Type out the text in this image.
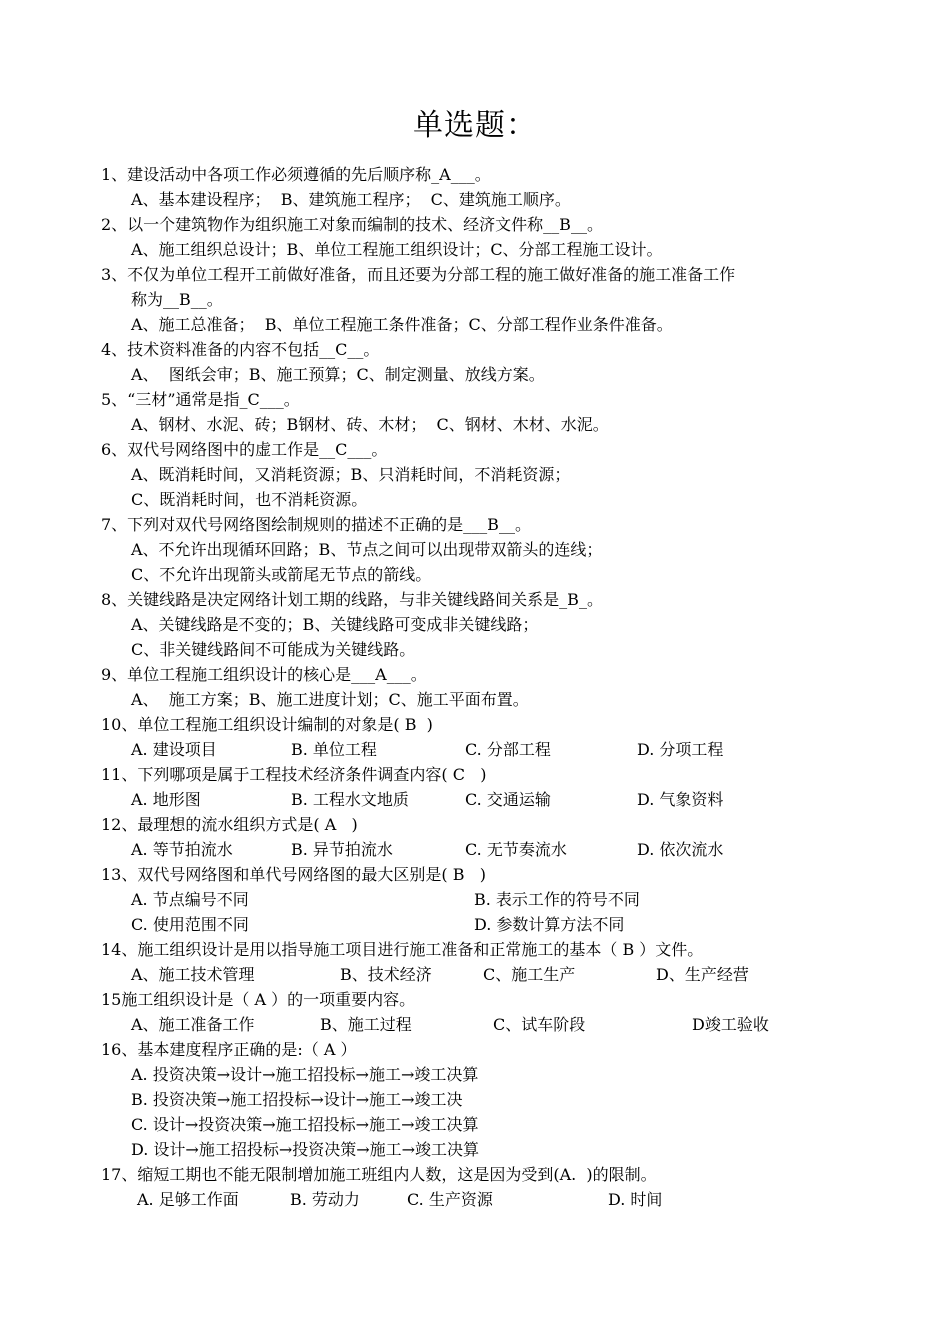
单选题：
1、建设活动中各项工作必须遵循的先后顺序称_A___。
A、基本建设程序；  B、建筑施工程序；  C、建筑施工顺序。
2、以一个建筑物作为组织施工对象而编制的技术、经济文件称__B__。
A、施工组织总设计；B、单位工程施工组织设计；C、分部工程施工设计。
3、不仅为单位工程开工前做好准备，而且还要为分部工程的施工做好准备的施工准备工作
称为__B__。
A、施工总准备；  B、单位工程施工条件准备；C、分部工程作业条件准备。
4、技术资料准备的内容不包括__C__。
A、  图纸会审；B、施工预算；C、制定测量、放线方案。
5、“三材”通常是指_C___。
A、钢材、水泥、砖；B钢材、砖、木材；  C、钢材、木材、水泥。
6、双代号网络图中的虚工作是__C___。
A、既消耗时间，又消耗资源；B、只消耗时间，不消耗资源；
C、既消耗时间，也不消耗资源。
7、下列对双代号网络图绘制规则的描述不正确的是___B__。
A、不允许出现循环回路；B、节点之间可以出现带双箭头的连线；
C、不允许出现箭头或箭尾无节点的箭线。
8、关键线路是决定网络计划工期的线路，与非关键线路间关系是_B_。
A、关键线路是不变的；B、关键线路可变成非关键线路；
C、非关键线路间不可能成为关键线路。
9、单位工程施工组织设计的核心是___A___。
A、  施工方案；B、施工进度计划；C、施工平面布置。
10、单位工程施工组织设计编制的对象是( B  )
A. 建设项目	B. 单位工程	C. 分部工程	D. 分项工程
11、下列哪项是属于工程技术经济条件调查内容( C   )
A. 地形图	B. 工程水文地质	C. 交通运输	D. 气象资料
12、最理想的流水组织方式是( A   )
A. 等节拍流水	B. 异节拍流水	C. 无节奏流水	D. 依次流水
13、双代号网络图和单代号网络图的最大区别是( B   )
A. 节点编号不同	B. 表示工作的符号不同
C. 使用范围不同	D. 参数计算方法不同
14、施工组织设计是用以指导施工项目进行施工准备和正常施工的基本（ B ）文件。
A、施工技术管理	B、技术经济	C、施工生产	D、生产经营
15施工组织设计是（ A ）的一项重要内容。
A、施工准备工作	B、施工过程	C、试车阶段	D竣工验收
16、基本建度程序正确的是:（ A ）
A. 投资决策→设计→施工招投标→施工→竣工决算
B. 投资决策→施工招投标→设计→施工→竣工决
C. 设计→投资决策→施工招投标→施工→竣工决算
D. 设计→施工招投标→投资决策→施工→竣工决算
17、缩短工期也不能无限制增加施工班组内人数，这是因为受到(A.  )的限制。
A. 足够工作面	B. 劳动力	C. 生产资源	D. 时间
